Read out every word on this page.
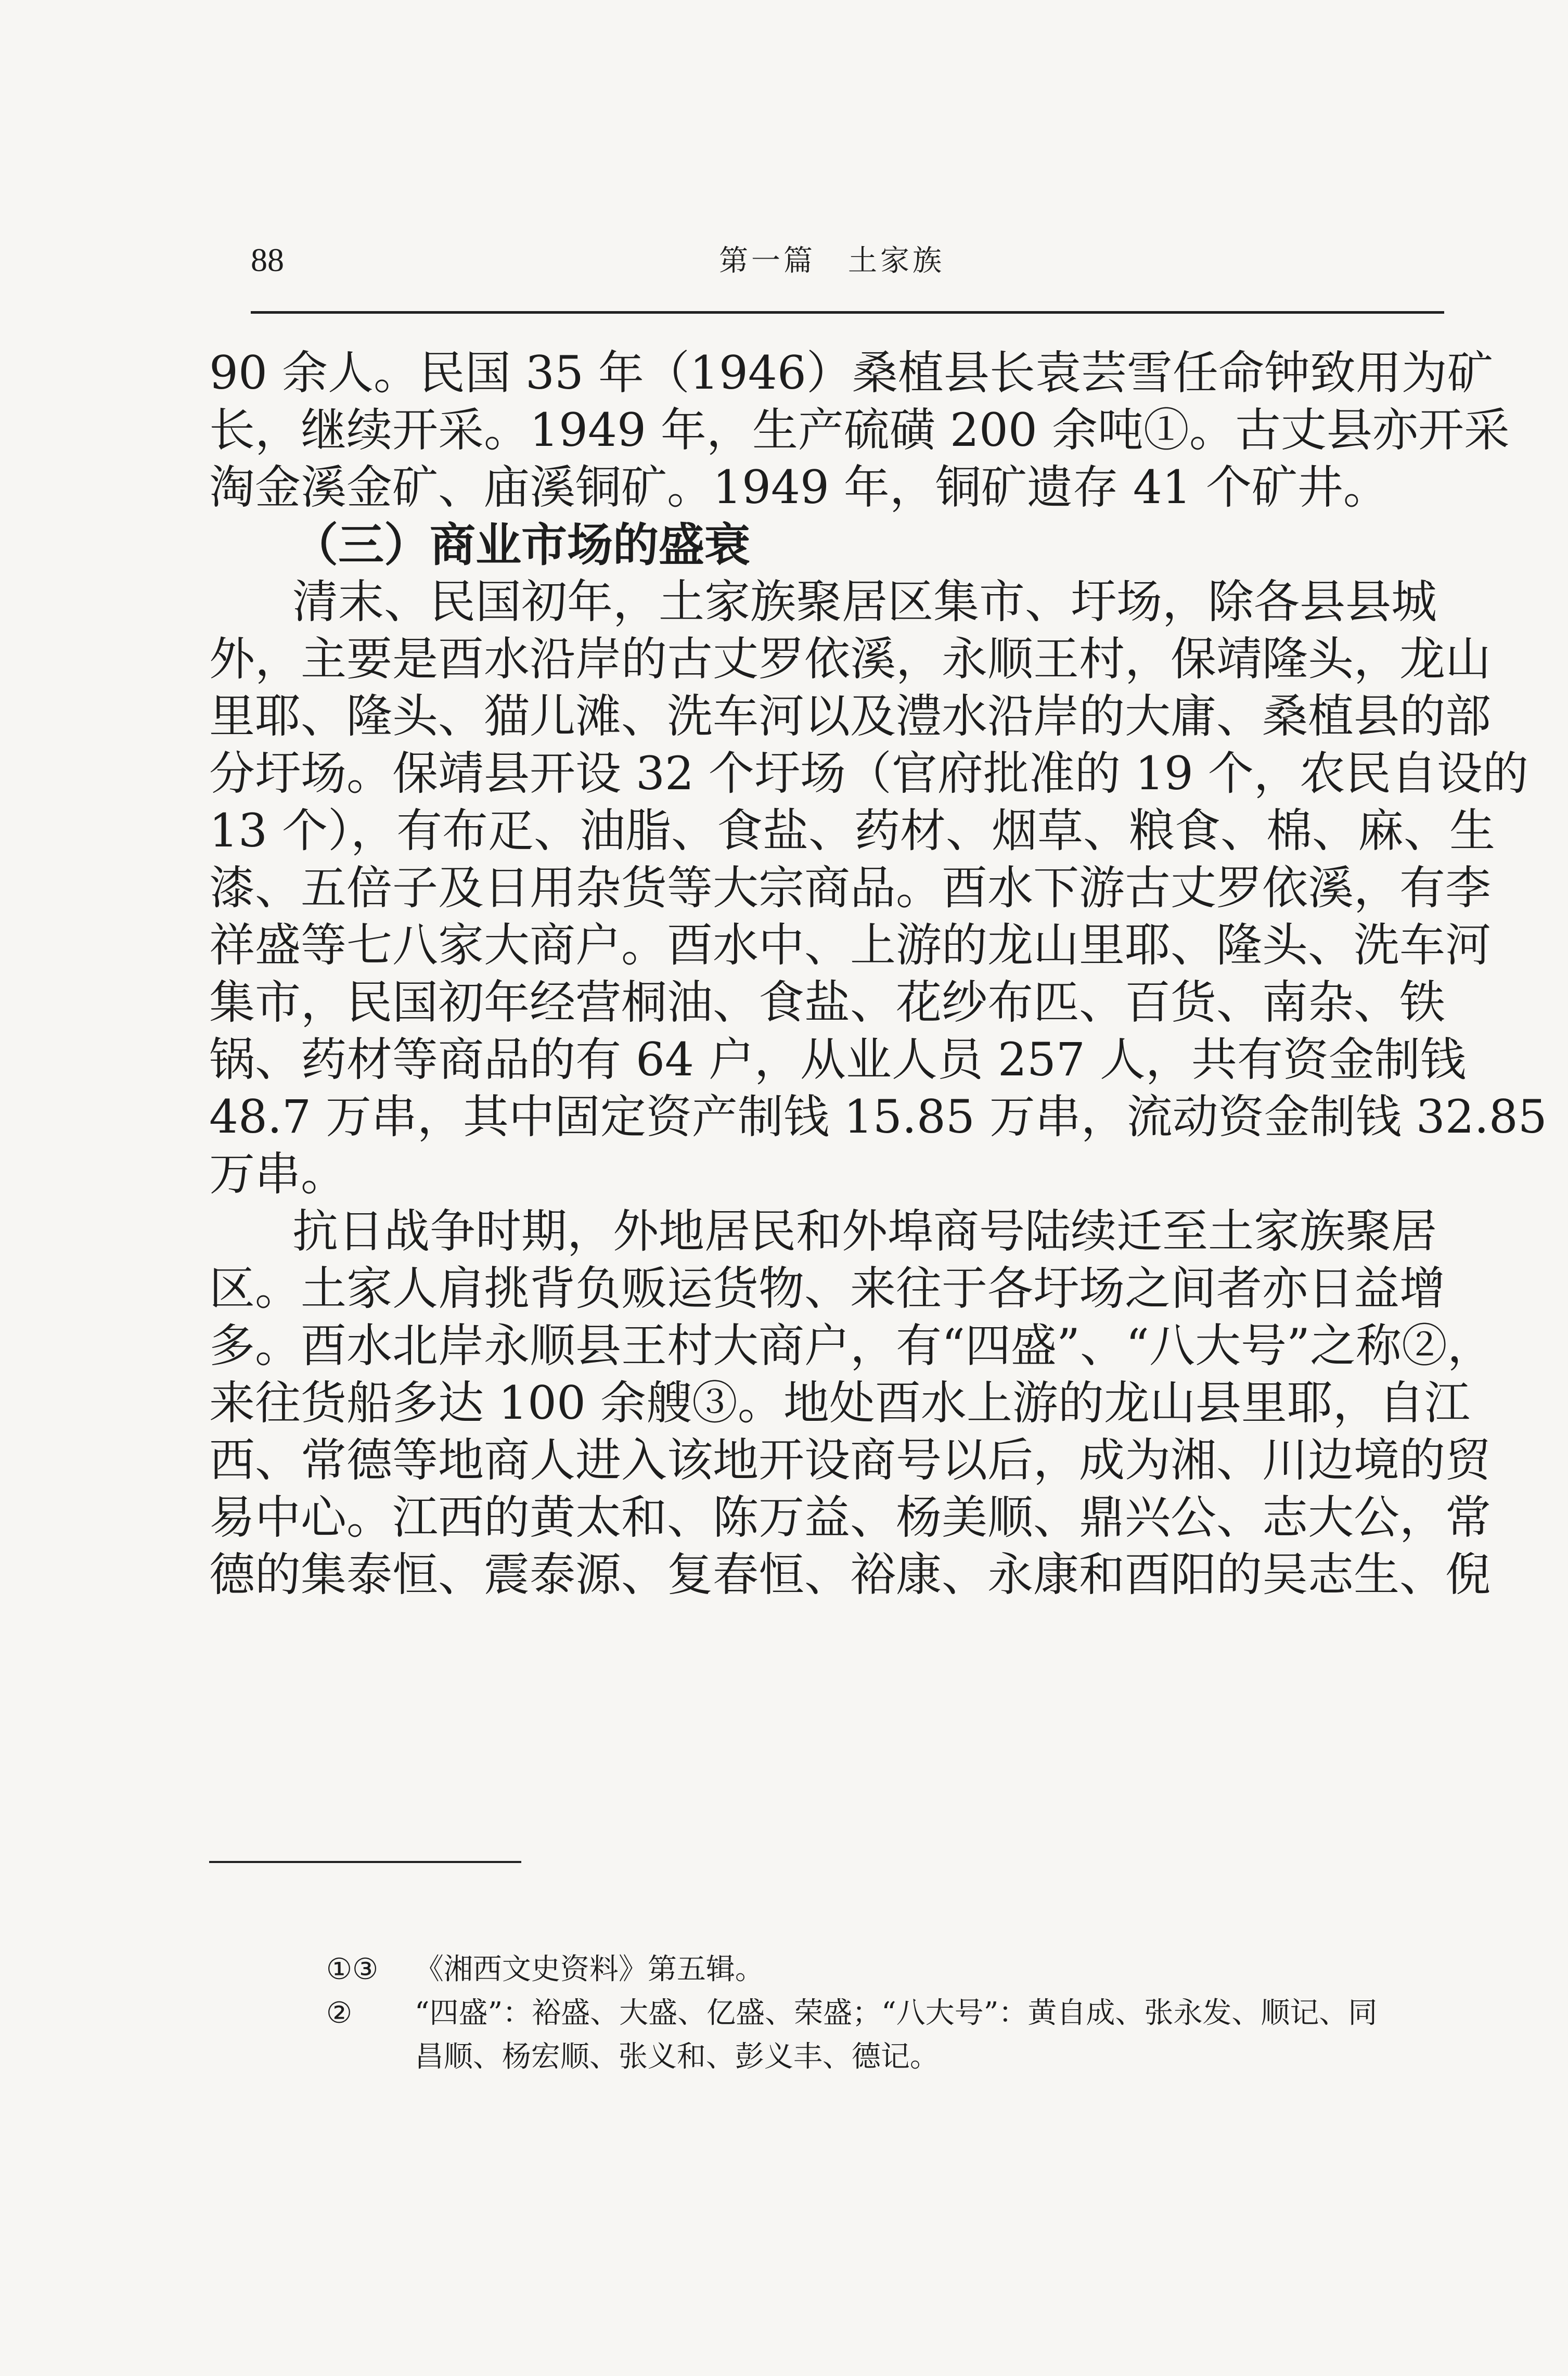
88	第一篇　土家族
90 余人。民国 35 年（1946）桑植县长袁芸雪任命钟致用为矿
长，继续开采。1949 年，生产硫磺 200 余吨①。古丈县亦开采
淘金溪金矿、庙溪铜矿。1949 年，铜矿遗存 41 个矿井。
（三）商业市场的盛衰
清末、民国初年，土家族聚居区集市、圩场，除各县县城
外，主要是酉水沿岸的古丈罗依溪，永顺王村，保靖隆头，龙山
里耶、隆头、猫儿滩、洗车河以及澧水沿岸的大庸、桑植县的部
分圩场。保靖县开设 32 个圩场（官府批准的 19 个，农民自设的
13 个），有布疋、油脂、食盐、药材、烟草、粮食、棉、麻、生
漆、五倍子及日用杂货等大宗商品。酉水下游古丈罗依溪，有李
祥盛等七八家大商户。酉水中、上游的龙山里耶、隆头、洗车河
集市，民国初年经营桐油、食盐、花纱布匹、百货、南杂、铁
锅、药材等商品的有 64 户，从业人员 257 人，共有资金制钱
48.7 万串，其中固定资产制钱 15.85 万串，流动资金制钱 32.85
万串。
抗日战争时期，外地居民和外埠商号陆续迁至土家族聚居
区。土家人肩挑背负贩运货物、来往于各圩场之间者亦日益增
多。酉水北岸永顺县王村大商户，有“四盛”、“八大号”之称②，
来往货船多达 100 余艘③。地处酉水上游的龙山县里耶，自江
西、常德等地商人进入该地开设商号以后，成为湘、川边境的贸
易中心。江西的黄太和、陈万益、杨美顺、鼎兴公、志大公，常
德的集泰恒、震泰源、复春恒、裕康、永康和酉阳的吴志生、倪

①③ 《湘西文史资料》第五辑。

② “四盛”：裕盛、大盛、亿盛、荣盛；“八大号”：黄自成、张永发、顺记、同

昌顺、杨宏顺、张义和、彭义丰、德记。
